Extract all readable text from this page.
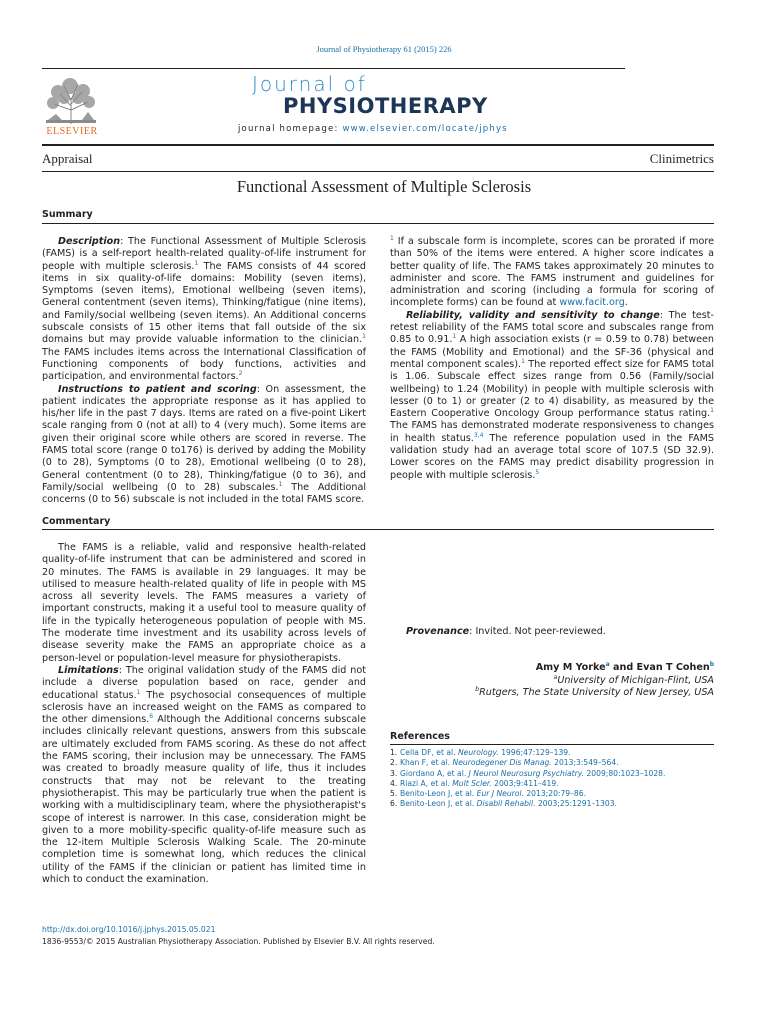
Journal of Physiotherapy 61 (2015) 226
ELSEVIER
Journal of
PHYSIOTHERAPY
journal homepage: www.elsevier.com/locate/jphys
Appraisal	Clinimetrics
Functional Assessment of Multiple Sclerosis
Summary

Description: The Functional Assessment of Multiple Sclerosis (FAMS) is a self-report health-related quality-of-life instrument for people with multiple sclerosis.$^1$ The FAMS consists of 44 scored items in six quality-of-life domains: Mobility (seven items), Symptoms (seven items), Emotional wellbeing (seven items), General contentment (seven items), Thinking/fatigue (nine items), and Family/social wellbeing (seven items). An Additional concerns subscale consists of 15 other items that fall outside of the six domains but may provide valuable information to the clinician.$^1$ The FAMS includes items across the International Classification of Functioning components of body functions, activities and participation, and environmental factors.$^2$

Instructions to patient and scoring: On assessment, the patient indicates the appropriate response as it has applied to his/her life in the past 7 days. Items are rated on a five-point Likert scale ranging from 0 (not at all) to 4 (very much). Some items are given their original score while others are scored in reverse. The FAMS total score (range 0 to176) is derived by adding the Mobility (0 to 28), Symptoms (0 to 28), Emotional wellbeing (0 to 28), General contentment (0 to 28), Thinking/fatigue (0 to 36), and Family/social wellbeing (0 to 28) subscales.$^1$ The Additional concerns (0 to 56) subscale is not included in the total FAMS score.

$^1$ If a subscale form is incomplete, scores can be prorated if more than 50% of the items were entered. A higher score indicates a better quality of life. The FAMS takes approximately 20 minutes to administer and score. The FAMS instrument and guidelines for administration and scoring (including a formula for scoring of incomplete forms) can be found at www.facit.org.

Reliability, validity and sensitivity to change: The test-retest reliability of the FAMS total score and subscales range from 0.85 to 0.91.$^1$ A high association exists (r = 0.59 to 0.78) between the FAMS (Mobility and Emotional) and the SF-36 (physical and mental component scales).$^1$ The reported effect size for FAMS total is 1.06. Subscale effect sizes range from 0.56 (Family/social wellbeing) to 1.24 (Mobility) in people with multiple sclerosis with lesser (0 to 1) or greater (2 to 4) disability, as measured by the Eastern Cooperative Oncology Group performance status rating.$^1$ The FAMS has demonstrated moderate responsiveness to changes in health status.$^{3,4}$ The reference population used in the FAMS validation study had an average total score of 107.5 (SD 32.9). Lower scores on the FAMS may predict disability progression in people with multiple sclerosis.$^5$

Commentary

The FAMS is a reliable, valid and responsive health-related quality-of-life instrument that can be administered and scored in 20 minutes. The FAMS is available in 29 languages. It may be utilised to measure health-related quality of life in people with MS across all severity levels. The FAMS measures a variety of important constructs, making it a useful tool to measure quality of life in the typically heterogeneous population of people with MS. The moderate time investment and its usability across levels of disease severity make the FAMS an appropriate choice as a person-level or population-level measure for physiotherapists.

Limitations: The original validation study of the FAMS did not include a diverse population based on race, gender and educational status.$^1$ The psychosocial consequences of multiple sclerosis have an increased weight on the FAMS as compared to the other dimensions.$^6$ Although the Additional concerns subscale includes clinically relevant questions, answers from this subscale are ultimately excluded from FAMS scoring. As these do not affect the FAMS scoring, their inclusion may be unnecessary. The FAMS was created to broadly measure quality of life, thus it includes constructs that may not be relevant to the treating physiotherapist. This may be particularly true when the patient is working with a multidisciplinary team, where the physiotherapist's scope of interest is narrower. In this case, consideration might be given to a more mobility-specific quality-of-life measure such as the 12-item Multiple Sclerosis Walking Scale. The 20-minute completion time is somewhat long, which reduces the clinical utility of the FAMS if the clinician or patient has limited time in which to conduct the examination.

Provenance: Invited. Not peer-reviewed.

Amy M Yorke$^a$ and Evan T Cohen$^b$
$^a$University of Michigan-Flint, USA
$^b$Rutgers, The State University of New Jersey, USA
References
1. Cella DF, et al. Neurology. 1996;47:129–139.
2. Khan F, et al. Neurodegener Dis Manag. 2013;3:549–564.
3. Giordano A, et al. J Neurol Neurosurg Psychiatry. 2009;80:1023–1028.
4. Riazi A, et al. Mult Scler. 2003;9:411–419.
5. Benito-Leon J, et al. Eur J Neurol. 2013;20:79–86.
6. Benito-Leon J, et al. Disabil Rehabil. 2003;25:1291–1303.
http://dx.doi.org/10.1016/j.jphys.2015.05.021
1836-9553/© 2015 Australian Physiotherapy Association. Published by Elsevier B.V. All rights reserved.
